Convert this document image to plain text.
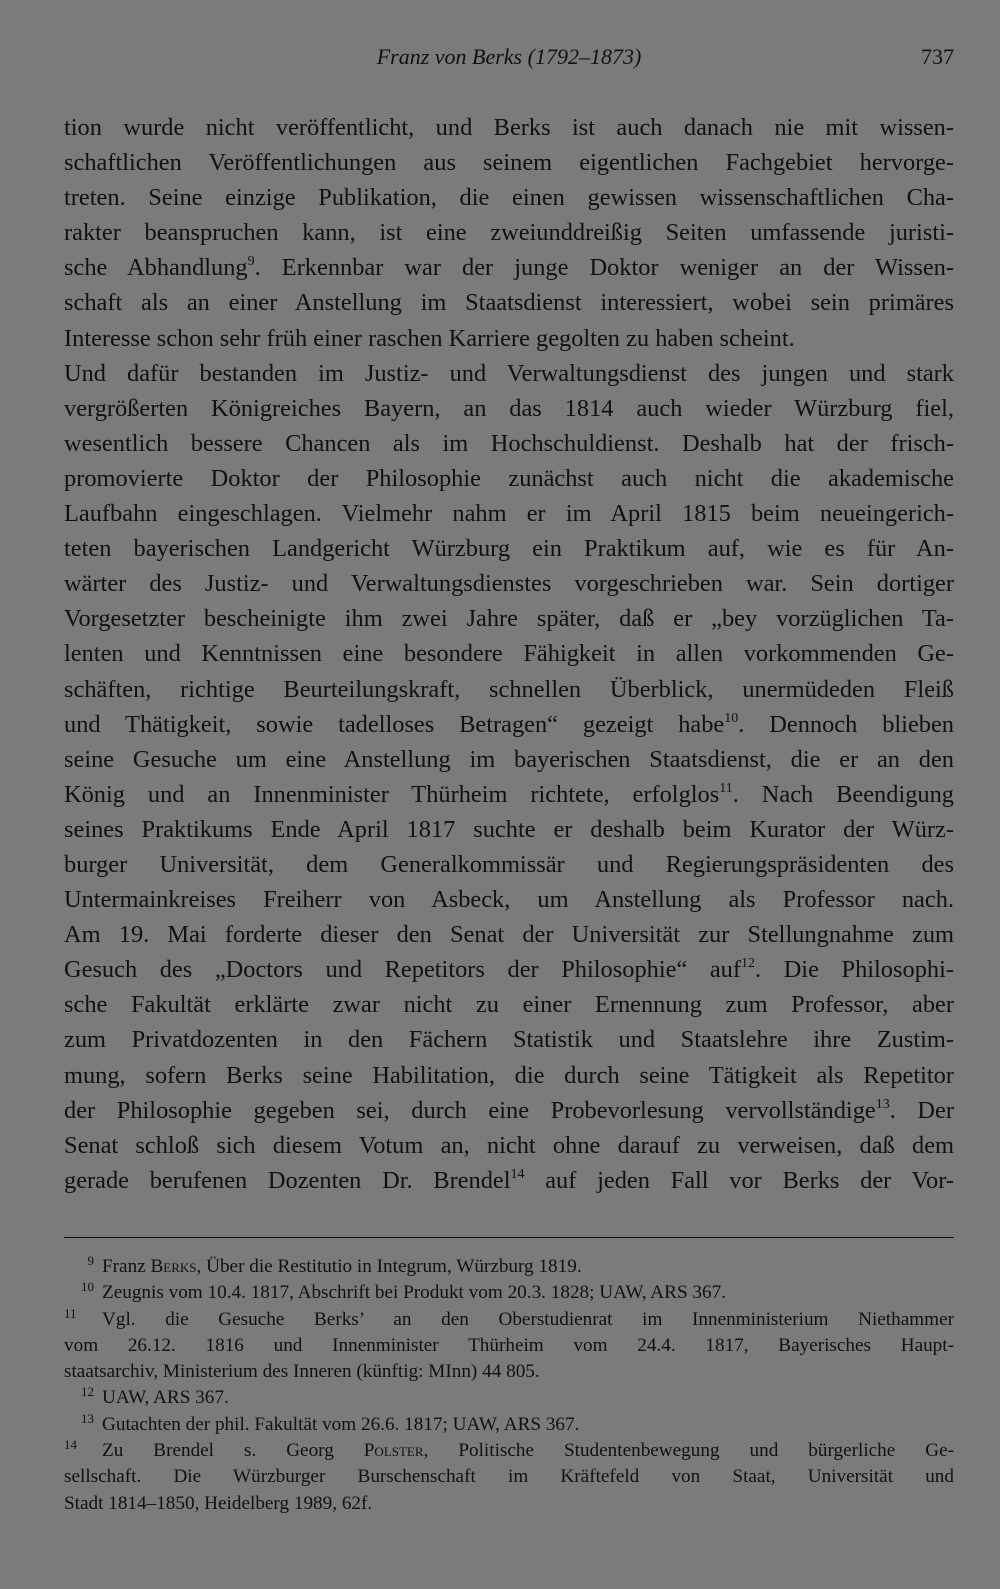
Franz von Berks (1792–1873)	737
tion wurde nicht veröffentlicht, und Berks ist auch danach nie mit wissen-
schaftlichen Veröffentlichungen aus seinem eigentlichen Fachgebiet hervorge-
treten. Seine einzige Publikation, die einen gewissen wissenschaftlichen Cha-
rakter beanspruchen kann, ist eine zweiunddreißig Seiten umfassende juristi-
sche Abhandlung$^9$. Erkennbar war der junge Doktor weniger an der Wissen-
schaft als an einer Anstellung im Staatsdienst interessiert, wobei sein primäres
Interesse schon sehr früh einer raschen Karriere gegolten zu haben scheint.
Und dafür bestanden im Justiz- und Verwaltungsdienst des jungen und stark
vergrößerten Königreiches Bayern, an das 1814 auch wieder Würzburg fiel,
wesentlich bessere Chancen als im Hochschuldienst. Deshalb hat der frisch-
promovierte Doktor der Philosophie zunächst auch nicht die akademische
Laufbahn eingeschlagen. Vielmehr nahm er im April 1815 beim neueingerich-
teten bayerischen Landgericht Würzburg ein Praktikum auf, wie es für An-
wärter des Justiz- und Verwaltungsdienstes vorgeschrieben war. Sein dortiger
Vorgesetzter bescheinigte ihm zwei Jahre später, daß er „bey vorzüglichen Ta-
lenten und Kenntnissen eine besondere Fähigkeit in allen vorkommenden Ge-
schäften, richtige Beurteilungskraft, schnellen Überblick, unermüdeden Fleiß
und Thätigkeit, sowie tadelloses Betragen“ gezeigt habe$^{10}$. Dennoch blieben
seine Gesuche um eine Anstellung im bayerischen Staatsdienst, die er an den
König und an Innenminister Thürheim richtete, erfolglos$^{11}$. Nach Beendigung
seines Praktikums Ende April 1817 suchte er deshalb beim Kurator der Würz-
burger Universität, dem Generalkommissär und Regierungspräsidenten des
Untermainkreises Freiherr von Asbeck, um Anstellung als Professor nach.
Am 19. Mai forderte dieser den Senat der Universität zur Stellungnahme zum
Gesuch des „Doctors und Repetitors der Philosophie“ auf$^{12}$. Die Philosophi-
sche Fakultät erklärte zwar nicht zu einer Ernennung zum Professor, aber
zum Privatdozenten in den Fächern Statistik und Staatslehre ihre Zustim-
mung, sofern Berks seine Habilitation, die durch seine Tätigkeit als Repetitor
der Philosophie gegeben sei, durch eine Probevorlesung vervollständige$^{13}$. Der
Senat schloß sich diesem Votum an, nicht ohne darauf zu verweisen, daß dem
gerade berufenen Dozenten Dr. Brendel$^{14}$ auf jeden Fall vor Berks der Vor-
9 Franz Berks, Über die Restitutio in Integrum, Würzburg 1819.
10 Zeugnis vom 10.4. 1817, Abschrift bei Produkt vom 20.3. 1828; UAW, ARS 367.
11 Vgl. die Gesuche Berks’ an den Oberstudienrat im Innenministerium Niethammer
vom 26.12. 1816 und Innenminister Thürheim vom 24.4. 1817, Bayerisches Haupt-
staatsarchiv, Ministerium des Inneren (künftig: MInn) 44 805.
12 UAW, ARS 367.
13 Gutachten der phil. Fakultät vom 26.6. 1817; UAW, ARS 367.
14 Zu Brendel s. Georg Polster, Politische Studentenbewegung und bürgerliche Ge-
sellschaft. Die Würzburger Burschenschaft im Kräftefeld von Staat, Universität und
Stadt 1814–1850, Heidelberg 1989, 62f.
